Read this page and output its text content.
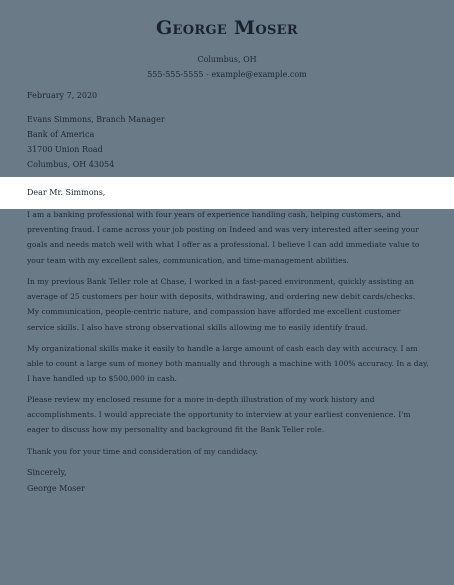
George Moser
Columbus, OH
555-555-5555 - example@example.com
February 7, 2020
Evans Simmons, Branch Manager
Bank of America
31700 Union Road
Columbus, OH 43054
Dear Mr. Simmons,

I am a banking professional with four years of experience handling cash, helping customers, and preventing fraud. I came across your job posting on Indeed and was very interested after seeing your goals and needs match well with what I offer as a professional. I believe I can add immediate value to your team with my excellent sales, communication, and time-management abilities.

In my previous Bank Teller role at Chase, I worked in a fast-paced environment, quickly assisting an average of 25 customers per hour with deposits, withdrawing, and ordering new debit cards/checks. My communication, people-centric nature, and compassion have afforded me excellent customer service skills. I also have strong observational skills allowing me to easily identify fraud.

My organizational skills make it easily to handle a large amount of cash each day with accuracy. I am able to count a large sum of money both manually and through a machine with 100% accuracy. In a day, I have handled up to $500,000 in cash.

Please review my enclosed resume for a more in-depth illustration of my work history and accomplishments. I would appreciate the opportunity to interview at your earliest convenience. I'm eager to discuss how my personality and background fit the Bank Teller role.

Thank you for your time and consideration of my candidacy.

Sincerely,
George Moser
